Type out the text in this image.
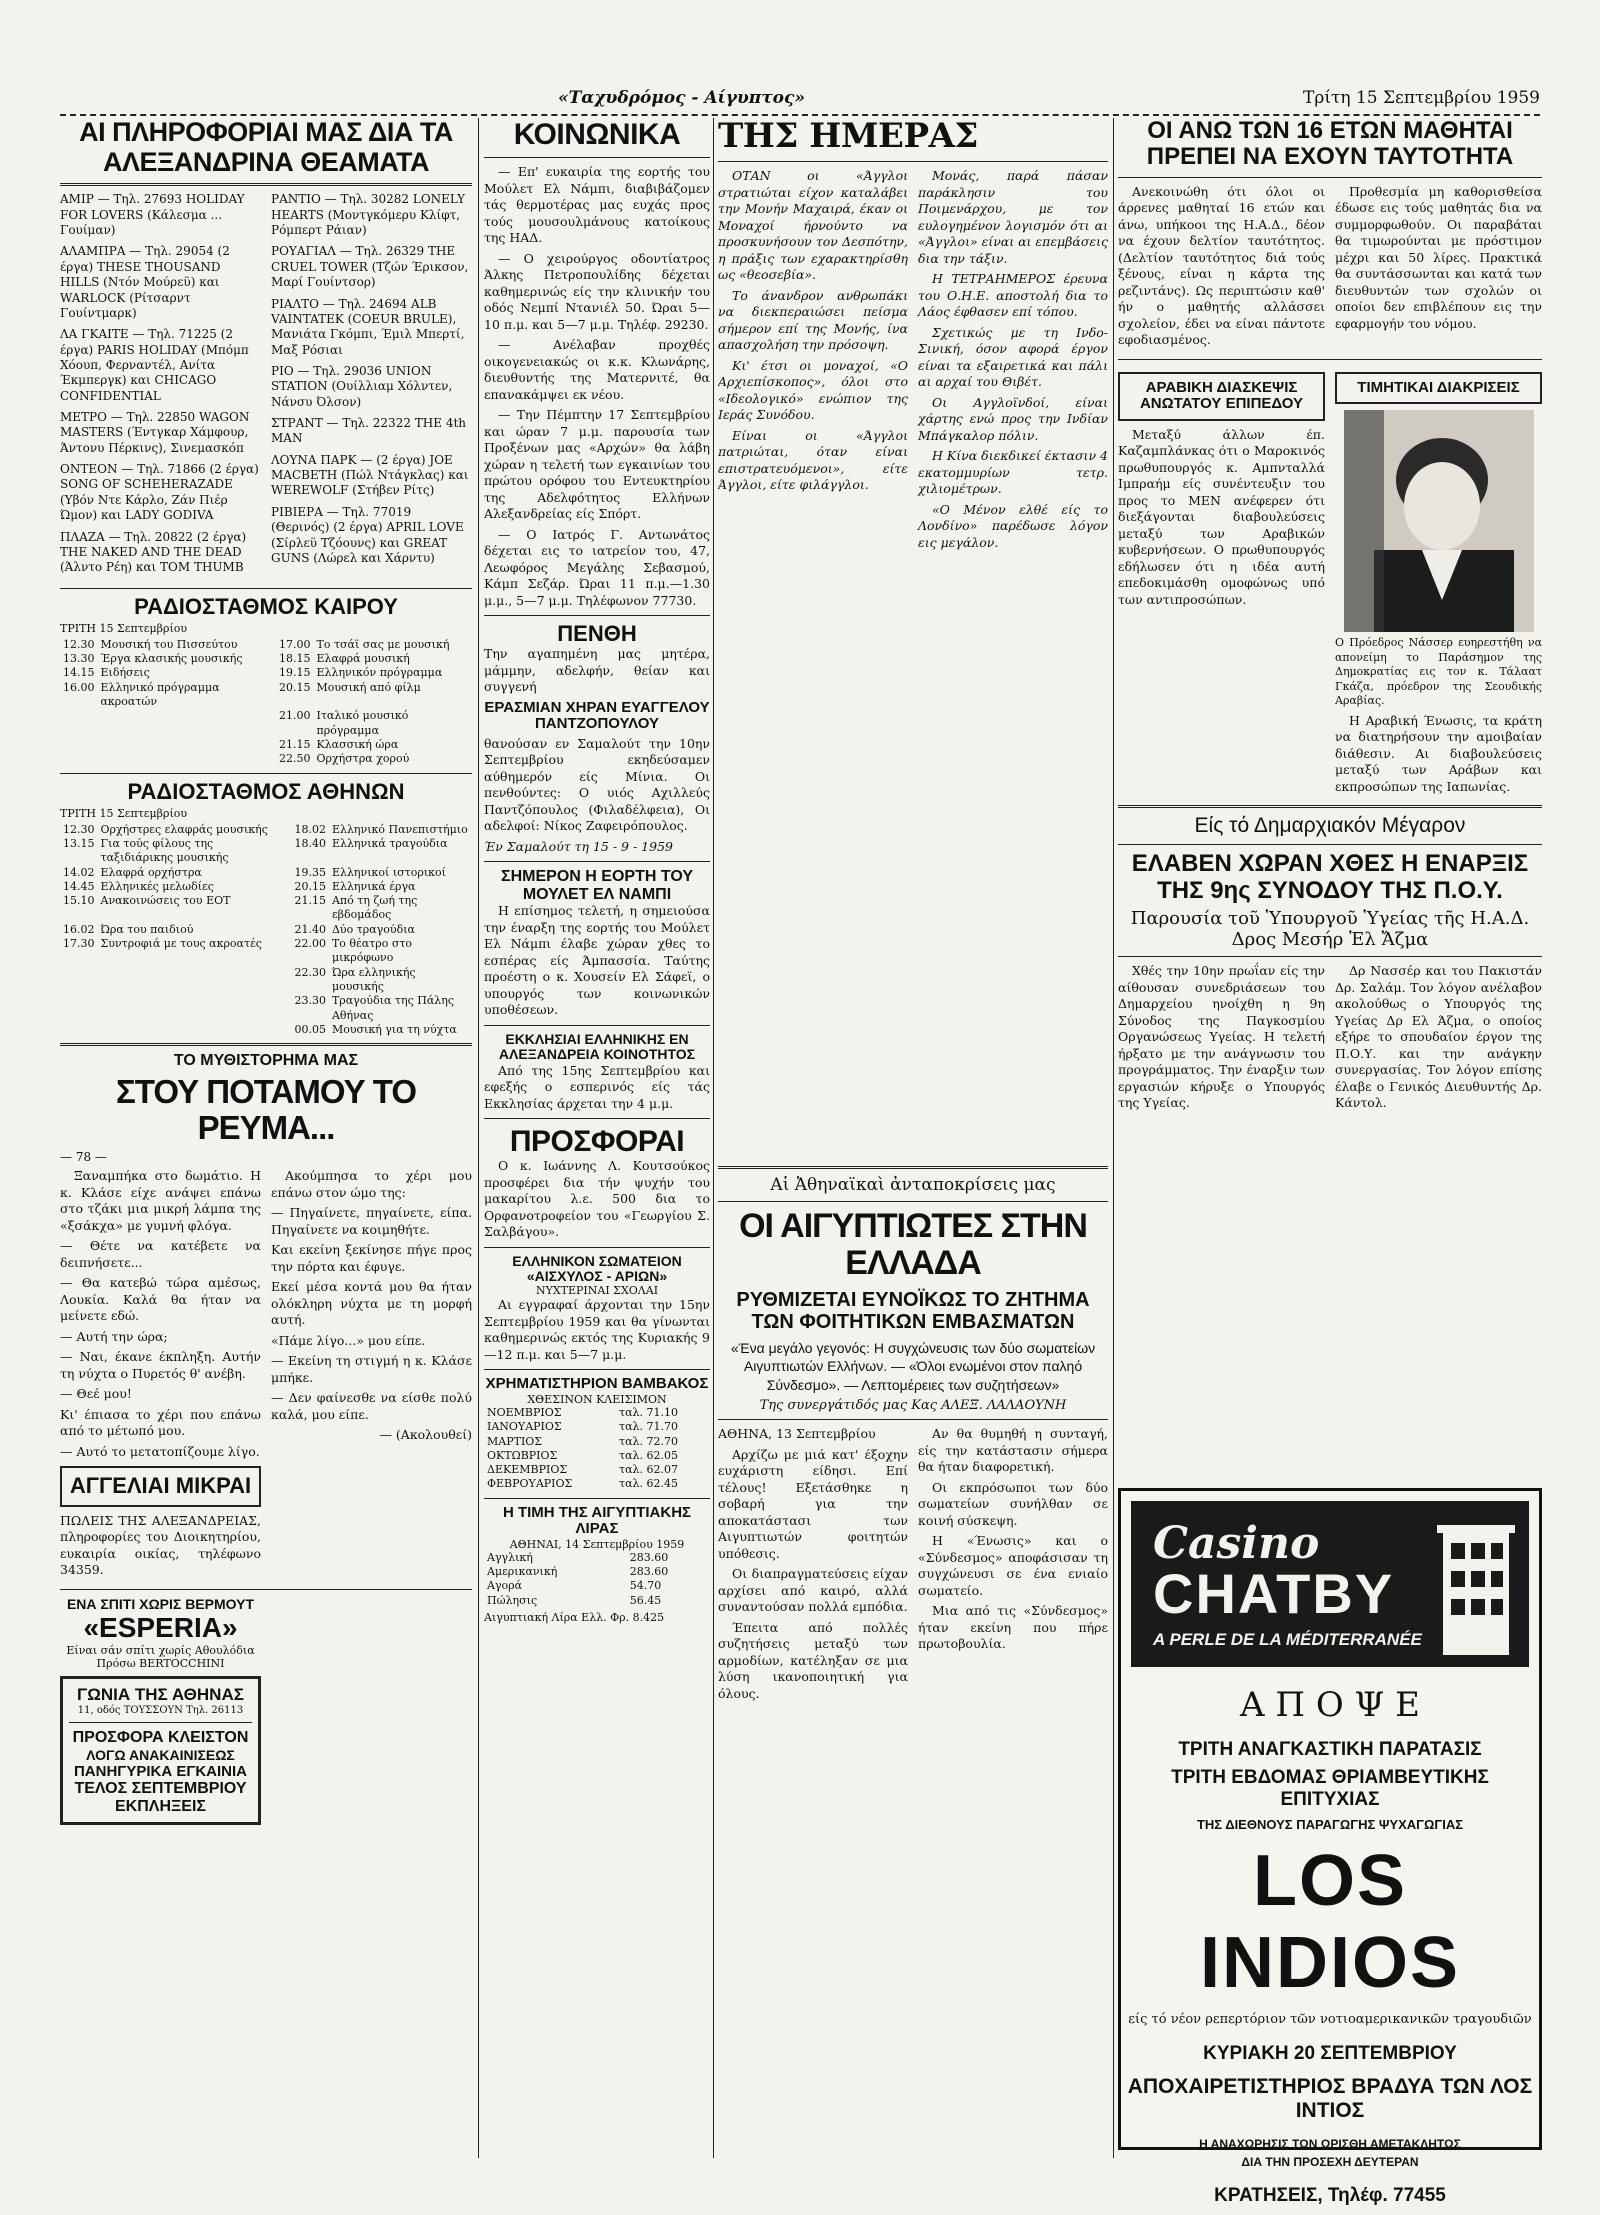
«Ταχυδρόμος - Αίγυπτος»	Τρίτη 15 Σεπτεμβρίου 1959
ΑΙ ΠΛΗΡΟΦΟΡΙΑΙ ΜΑΣ ΔΙΑ ΤΑ ΑΛΕΞΑΝΔΡΙΝΑ ΘΕΑΜΑΤΑ
ΑΜΙΡ — Τηλ. 27693 HOLIDAY FOR LOVERS (Κάλεσμα ... Γουίμαν)
ΑΛΑΜΠΡΑ — Τηλ. 29054 (2 έργα) THESE THOUSAND HILLS (Ντόν Μούρεϋ) και WARLOCK (Ρίτσαρντ Γουίντμαρκ)
ΛΑ ΓΚΑΙΤΕ — Τηλ. 71225 (2 έργα) PARIS HOLIDAY (Μπόμπ Χόουπ, Φερναντέλ, Ανίτα Έκμπεργκ) και CHICAGO CONFIDENTIAL
ΜΕΤΡΟ — Τηλ. 22850 WAGON MASTERS (Έντγκαρ Χάμφουρ, Άντονυ Πέρκινς), Σινεμασκόπ
ΟΝΤΕΟΝ — Τηλ. 71866 (2 έργα) SONG OF SCHEHERAZADE (Υβόν Ντε Κάρλο, Ζάν Πιέρ Ώμον) και LADY GODIVA
ΠΛΑΖΑ — Τηλ. 20822 (2 έργα) THE NAKED AND THE DEAD (Άλντο Ρέη) και TOM THUMB
ΡΑΝΤΙΟ — Τηλ. 30282 LONELY HEARTS (Μοντγκόμερυ Κλίφτ, Ρόμπερτ Ράιαν)
ΡΟΥΑΓΙΑΛ — Τηλ. 26329 THE CRUEL TOWER (Τζών Έρικσον, Μαρί Γουίντσορ)
ΡΙΑΛΤΟ — Τηλ. 24694 ALB VAINTATEK (COEUR BRULE), Μανιάτα Γκόμπι, Έμιλ Μπερτί, Μαξ Ρόσιαι
ΡΙΟ — Τηλ. 29036 UNION STATION (Ουίλλιαμ Χόλντεν, Νάνσυ Όλσον)
ΣΤΡΑΝΤ — Τηλ. 22322 THE 4th MAN
ΛΟΥΝΑ ΠΑΡΚ — (2 έργα) JOE MACBETH (Πώλ Ντάγκλας) και WEREWOLF (Στήβεν Ρίτς)
ΡΙΒΙΕΡΑ — Τηλ. 77019 (Θερινός) (2 έργα) APRIL LOVE (Σίρλεϋ Τζόουνς) και GREAT GUNS (Λώρελ και Χάρντυ)
ΡΑΔΙΟΣΤΑΘΜΟΣ ΚΑΙΡΟΥ
ΤΡΙΤΗ 15 Σεπτεμβρίου
12.30	Μουσική του Πισσεύτου	17.00	Το τσάϊ σας με μουσική
13.30	Έργα κλασικής μουσικής	18.15	Ελαφρά μουσική
14.15	Ειδήσεις	19.15	Ελληνικόν πρόγραμμα
16.00	Ελληνικό πρόγραμμα ακροατών	20.15	Μουσική από φίλμ
		21.00	Ιταλικό μουσικό πρόγραμμα
		21.15	Κλασσική ώρα
		22.50	Ορχήστρα χορού
ΡΑΔΙΟΣΤΑΘΜΟΣ ΑΘΗΝΩΝ
ΤΡΙΤΗ 15 Σεπτεμβρίου
12.30	Ορχήστρες ελαφράς μουσικής	18.02	Ελληνικό Πανεπιστήμιο
13.15	Για τούς φίλους της ταξιδιάρικης μουσικής	18.40	Ελληνικά τραγούδια
14.02	Ελαφρά ορχήστρα	19.35	Ελληνικοί ιστορικοί
14.45	Ελληνικές μελωδίες	20.15	Ελληνικά έργα
15.10	Ανακοινώσεις του ΕΟΤ	21.15	Από τη ζωή της εβδομάδος
16.02	Ώρα του παιδιού	21.40	Δύο τραγούδια
17.30	Συντροφιά με τους ακροατές	22.00	Το θέατρο στο μικρόφωνο
		22.30	Ώρα ελληνικής μουσικής
		23.30	Τραγούδια της Πάλης Αθήνας
		00.05	Μουσική για τη νύχτα
ΤΟ ΜΥΘΙΣΤΟΡΗΜΑ ΜΑΣ
ΣΤΟΥ ΠΟΤΑΜΟΥ ΤΟ ΡΕΥΜΑ...
— 78 —

Ξαναμπήκα στο δωμάτιο. Η κ. Κλάσε είχε ανάψει επάνω στο τζάκι μια μικρή λάμπα της «ξσάκχα» με γυμνή φλόγα.

— Θέτε να κατέβετε να δειπνήσετε...

— Θα κατεβώ τώρα αμέσως, Λουκία. Καλά θα ήταν να μείνετε εδώ.

— Αυτή την ώρα;

— Ναι, έκανε έκπληξη. Αυτήν τη νύχτα ο Πυρετός θ' ανέβη.

— Θεέ μου!

Κι' έπιασα το χέρι που επάνω από το μέτωπό μου.

— Αυτό το μετατοπίζουμε λίγο.

ΑΓΓΕΛΙΑΙ ΜΙΚΡΑΙ

ΠΩΛΕΙΣ ΤΗΣ ΑΛΕΞΑΝΔΡΕΙΑΣ, πληροφορίες του Διοικητηρίου, ευκαιρία οικίας, τηλέφωνο 34359.

Ακούμπησα το χέρι μου επάνω στον ώμο της:

— Πηγαίνετε, πηγαίνετε, είπα. Πηγαίνετε να κοιμηθήτε.

Και εκείνη ξεκίνησε πήγε προς την πόρτα και έφυγε.

Εκεί μέσα κοντά μου θα ήταν ολόκληρη νύχτα με τη μορφή αυτή.

«Πάμε λίγο...» μου είπε.

— Εκείνη τη στιγμή η κ. Κλάσε μπήκε.

— Δεν φαίνεσθε να είσθε πολύ καλά, μου είπε.

— (Ακολουθεί)

ΕΝΑ ΣΠΙΤΙ ΧΩΡΙΣ ΒΕΡΜΟΥΤ
«ESPERIA»
Είναι σάν σπίτι χωρίς Αθουλόδια
Πρόσω ΒΕRTOCCHINI
ΓΩΝΙΑ ΤΗΣ ΑΘΗΝΑΣ
11, οδός ΤΟΥΣΣΟΥΝ Τηλ. 26113
ΠΡΟΣΦΟΡΑ ΚΛΕΙΣΤΟΝ
ΛΟΓΩ ΑΝΑΚΑΙΝΙΣΕΩΣ
ΠΑΝΗΓΥΡΙΚΑ ΕΓΚΑΙΝΙΑ
ΤΕΛΟΣ ΣΕΠΤΕΜΒΡΙΟΥ
ΕΚΠΛΗΞΕΙΣ
ΚΟΙΝΩΝΙΚΑ

— Επ' ευκαιρία της εορτής του Μούλετ Ελ Νάμπι, διαβιβάζομεν τάς θερμοτέρας μας ευχάς προς τούς μουσουλμάνους κατοίκους της ΗΑΔ.

— Ο χειρούργος οδοντίατρος Άλκης Πετροπουλίδης δέχεται καθημερινώς είς την κλινικήν του οδός Νεμπί Ντανιέλ 50. Ώραι 5—10 π.μ. και 5—7 μ.μ. Τηλέφ. 29230.

— Ανέλαβαν προχθές οικογενειακώς οι κ.κ. Κλωνάρης, διευθυντής της Ματερνιτέ, θα επανακάμψει εκ νέου.

— Την Πέμπτην 17 Σεπτεμβρίου και ώραν 7 μ.μ. παρουσία των Προξένων μας «Αρχών» θα λάβη χώραν η τελετή των εγκαινίων του πρώτου ορόφου του Εντευκτηρίου της Αδελφότητος Ελλήνων Αλεξανδρείας είς Σπόρτ.

— Ο Ιατρός Γ. Αντωνάτος δέχεται εις το ιατρείον του, 47, Λεωφόρος Μεγάλης Σεβασμού, Κάμπ Σεζάρ. Ώραι 11 π.μ.—1.30 μ.μ., 5—7 μ.μ. Τηλέφωνον 77730.

ΠΕΝΘΗ

Την αγαπημένη μας μητέρα, μάμμην, αδελφήν, θείαν και συγγενή

ΕΡΑΣΜΙΑΝ ΧΗΡΑΝ ΕΥΑΓΓΕΛΟΥ ΠΑΝΤΖΟΠΟΥΛΟΥ

θανούσαν εν Σαμαλούτ την 10ην Σεπτεμβρίου εκηδεύσαμεν αύθημερόν είς Μίνια. Οι πενθούντες: Ο υιός Αχιλλεύς Παντζόπουλος (Φιλαδέλφεια), Οι αδελφοί: Νίκος Ζαφειρόπουλος.

Έν Σαμαλούτ τη 15 - 9 - 1959

ΣΗΜΕΡΟΝ Η ΕΟΡΤΗ ΤΟΥ ΜΟΥΛΕΤ ΕΛ ΝΑΜΠΙ

Η επίσημος τελετή, η σημειούσα την έναρξη της εορτής του Μούλετ Ελ Νάμπι έλαβε χώραν χθες το εσπέρας είς Άμπασσία. Ταύτης προέστη ο κ. Χουσείν Ελ Σάφεϊ, ο υπουργός των κοινωνικών υποθέσεων.

ΕΚΚΛΗΣΙΑΙ ΕΛΛΗΝΙΚΗΣ ΕΝ ΑΛΕΞΑΝΔΡΕΙΑ ΚΟΙΝΟΤΗΤΟΣ

Από της 15ης Σεπτεμβρίου και εφεξής ο εσπερινός είς τάς Εκκλησίας άρχεται την 4 μ.μ.

ΠΡΟΣΦΟΡΑΙ

Ο κ. Ιωάννης Λ. Κουτσούκος προσφέρει δια τήν ψυχήν του μακαρίτου λ.ε. 500 δια το Ορφανοτροφείον του «Γεωργίου Σ. Σαλβάγου».

ΕΛΛΗΝΙΚΟΝ ΣΩΜΑΤΕΙΟΝ «ΑΙΣΧΥΛΟΣ - ΑΡΙΩΝ»
ΝΥΧΤΕΡΙΝΑΙ ΣΧΟΛΑΙ

Αι εγγραφαί άρχονται την 15ην Σεπτεμβρίου 1959 και θα γίνωνται καθημερινώς εκτός της Κυριακής 9—12 π.μ. και 5—7 μ.μ.

ΧΡΗΜΑΤΙΣΤΗΡΙΟΝ ΒΑΜΒΑΚΟΣ
ΧΘΕΣΙΝΟΝ ΚΛΕΙΣΙΜΟΝ
ΝΟΕΜΒΡΙΟΣ	ταλ. 71.10
ΙΑΝΟΥΑΡΙΟΣ	ταλ. 71.70
ΜΑΡΤΙΟΣ	ταλ. 72.70
ΟΚΤΩΒΡΙΟΣ	ταλ. 62.05
ΔΕΚΕΜΒΡΙΟΣ	ταλ. 62.07
ΦΕΒΡΟΥΑΡΙΟΣ	ταλ. 62.45
Η ΤΙΜΗ ΤΗΣ ΑΙΓΥΠΤΙΑΚΗΣ ΛΙΡΑΣ
ΑΘΗΝΑΙ, 14 Σεπτεμβρίου 1959
Αγγλική	283.60
Αμερικανική	283.60
Αγορά	54.70
Πώλησις	56.45
Αιγυπτιακή Λίρα Ελλ. Φρ. 8.425
ΤΗΣ ΗΜΕΡΑΣ

ΟΤΑΝ οι «Άγγλοι στρατιώται είχον καταλάβει την Μονήν Μαχαιρά, έκαν οι Μοναχοί ήρνούντο να προσκυνήσουν τον Δεσπότην, η πράξις των εχαρακτηρίσθη ως «θεοσεβία».

Το άνανδρον ανθρωπάκι να διεκπεραιώσει πείσμα σήμερον επί της Μονής, ίνα απασχολήση την πρόσοψη.

Κι' έτσι οι μοναχοί, «Ο Αρχιεπίσκοπος», όλοι στο «Ιδεολογικό» ενώπιον της Ιεράς Συνόδου.

Είναι οι «Άγγλοι πατριώται, όταν είναι επιστρατευόμενοι», είτε Άγγλοι, είτε φιλάγγλοι.

Μονάς, παρά πάσαν παράκλησιν του Ποιμενάρχου, με τον ευλογημένον λογισμόν ότι αι «Άγγλοι» είναι αι επεμβάσεις δια την τάξιν.

Η ΤΕΤΡΑΗΜΕΡΟΣ έρευνα του Ο.Η.Ε. αποστολή δια το Λάος έφθασεν επί τόπου.

Σχετικώς με τη Ινδο-Σινική, όσον αφορά έργον είναι τα εξαιρετικά και πάλι αι αρχαί του Θιβέτ.

Οι Αγγλοϊνδοί, είναι χάρτης ενώ προς την Ινδίαν Μπάγκαλορ πόλιν.

Η Κίνα διεκδικεί έκτασιν 4 εκατομμυρίων τετρ. χιλιομέτρων.

«Ο Μένον ελθέ είς το Λονδίνο» παρέδωσε λόγον εις μεγάλον.

Αἱ Ἀθηναϊκαὶ ἀνταποκρίσεις μας
ΟΙ ΑΙΓΥΠΤΙΩΤΕΣ ΣΤΗΝ ΕΛΛΑΔΑ
ΡΥΘΜΙΖΕΤΑΙ ΕΥΝΟΪΚΩΣ ΤΟ ΖΗΤΗΜΑ ΤΩΝ ΦΟΙΤΗΤΙΚΩΝ ΕΜΒΑΣΜΑΤΩΝ

«Ένα μεγάλο γεγονός: Η συγχώνευσις των δύο σωματείων Αιγυπτιωτών Ελλήνων. — «Όλοι ενωμένοι στον παληό Σύνδεσμο». — Λεπτομέρειες των συζητήσεων»

Της συνεργάτιδός μας Κας ΑΛΕΞ. ΛΑΛΑΟΥΝΗ

ΑΘΗΝΑ, 13 Σεπτεμβρίου

Αρχίζω με μιά κατ' έξοχην ευχάριστη είδησι. Επί τέλους! Εξετάσθηκε η σοβαρή για την αποκατάστασι των Αιγυπτιωτών φοιτητών υπόθεσις.

Οι διαπραγματεύσεις είχαν αρχίσει από καιρό, αλλά συναντούσαν πολλά εμπόδια.

Έπειτα από πολλές συζητήσεις μεταξύ των αρμοδίων, κατέληξαν σε μια λύση ικανοποιητική για όλους.

Αν θα θυμηθή η συνταγή, είς την κατάστασιν σήμερα θα ήταν διαφορετική.

Οι εκπρόσωποι των δύο σωματείων συνήλθαν σε κοινή σύσκεψη.

Η «Ένωσις» και ο «Σύνδεσμος» αποφάσισαν τη συγχώνευσι σε ένα ενιαίο σωματείο.

Μια από τις «Σύνδεσμος» ήταν εκείνη που πήρε πρωτοβουλία.

ΟΙ ΑΝΩ ΤΩΝ 16 ΕΤΩΝ ΜΑΘΗΤΑΙ ΠΡΕΠΕΙ ΝΑ ΕΧΟΥΝ ΤΑΥΤΟΤΗΤΑ

Ανεκοινώθη ότι όλοι οι άρρενες μαθηταί 16 ετών και άνω, υπήκοοι της Η.Α.Δ., δέον να έχουν δελτίον ταυτότητος. (Δελτίον ταυτότητος διά τούς ξένους, είναι η κάρτα της ρεζιντάνς). Ως περιπτώσιν καθ' ήν ο μαθητής αλλάσσει σχολείον, έδει να είναι πάντοτε εφοδιασμένος.

Προθεσμία μη καθορισθείσα έδωσε εις τούς μαθητάς δια να συμμορφωθούν. Οι παραβάται θα τιμωρούνται με πρόστιμον μέχρι και 50 λίρες. Πρακτικά θα συντάσσωνται και κατά των διευθυντών των σχολών οι οποίοι δεν επιβλέπουν εις την εφαρμογήν του νόμου.

ΑΡΑΒΙΚΗ ΔΙΑΣΚΕΨΙΣ ΑΝΩΤΑΤΟΥ ΕΠΙΠΕΔΟΥ

Μεταξύ άλλων έπ. Καζαμπλάνκας ότι ο Μαροκινός πρωθυπουργός κ. Αμπνταλλά Ιμπραήμ είς συνέντευξιν του προς το ΜΕΝ ανέφερεν ότι διεξάγονται διαβουλεύσεις μεταξύ των Αραβικών κυβερνήσεων. Ο πρωθυπουργός εδήλωσεν ότι η ιδέα αυτή επεδοκιμάσθη ομοφώνως υπό των αντιπροσώπων.

ΤΙΜΗΤΙΚΑΙ ΔΙΑΚΡΙΣΕΙΣ

Ο Πρόεδρος Νάσσερ ευηρεστήθη να απονείμη το Παράσημον της Δημοκρατίας εις τον κ. Τάλαατ Γκάζα, πρόεδρον της Σεουδικής Αραβίας.

Η Αραβική Ένωσις, τα κράτη να διατηρήσουν την αμοιβαίαν διάθεσιν. Αι διαβουλεύσεις μεταξύ των Αράβων και εκπροσώπων της Ιαπωνίας.

Είς τό Δημαρχιακόν Μέγαρον
ΕΛΑΒΕΝ ΧΩΡΑΝ ΧΘΕΣ Η ΕΝΑΡΞΙΣ ΤΗΣ 9ης ΣΥΝΟΔΟΥ ΤΗΣ Π.Ο.Υ.
Παρουσία τοῦ Ὑπουργοῦ Ὑγείας τῆς Η.Α.Δ. Δρος Μεσήρ Ἐλ Ἄζμα

Χθές την 10ην πρωΐαν είς την αίθουσαν συνεδριάσεων του Δημαρχείου ηνοίχθη η 9η Σύνοδος της Παγκοσμίου Οργανώσεως Υγείας. Η τελετή ήρξατο με την ανάγνωσιν του προγράμματος. Την έναρξιν των εργασιών κήρυξε ο Υπουργός της Υγείας.

Δρ Νασσέρ και του Πακιστάν Δρ. Σαλάμ. Τον λόγον ανέλαβον ακολούθως ο Υπουργός της Υγείας Δρ Ελ Άζμα, ο οποίος εξήρε το σπουδαίον έργον της Π.Ο.Υ. και την ανάγκην συνεργασίας. Τον λόγον επίσης έλαβε ο Γενικός Διευθυντής Δρ. Κάντολ.

Casino
CHATBY
A PERLE DE LA MÉDITERRANÉE
Α Π Ο Ψ Ε
ΤΡΙΤΗ ΑΝΑΓΚΑΣΤΙΚΗ ΠΑΡΑΤΑΣΙΣ
ΤΡΙΤΗ ΕΒΔΟΜΑΣ ΘΡΙΑΜΒΕΥΤΙΚΗΣ ΕΠΙΤΥΧΙΑΣ
ΤΗΣ ΔΙΕΘΝΟΥΣ ΠΑΡΑΓΩΓΗΣ ΨΥΧΑΓΩΓΙΑΣ
LOS INDIOS
είς τό νέον ρεπερτόριον τῶν νοτιοαμερικανικῶν τραγουδιῶν
ΚΥΡΙΑΚΗ 20 ΣΕΠΤΕΜΒΡΙΟΥ
ΑΠΟΧΑΙΡΕΤΙΣΤΗΡΙΟΣ ΒΡΑΔΥΑ ΤΩΝ ΛΟΣ ΙΝΤΙΟΣ
Η ΑΝΑΧΩΡΗΣΙΣ ΤΩΝ ΩΡΙΣΘΗ ΑΜΕΤΑΚΛΗΤΩΣ
ΔΙΑ ΤΗΝ ΠΡΟΣΕΧΗ ΔΕΥΤΕΡΑΝ
ΚΡΑΤΗΣΕΙΣ, Τηλέφ. 77455
